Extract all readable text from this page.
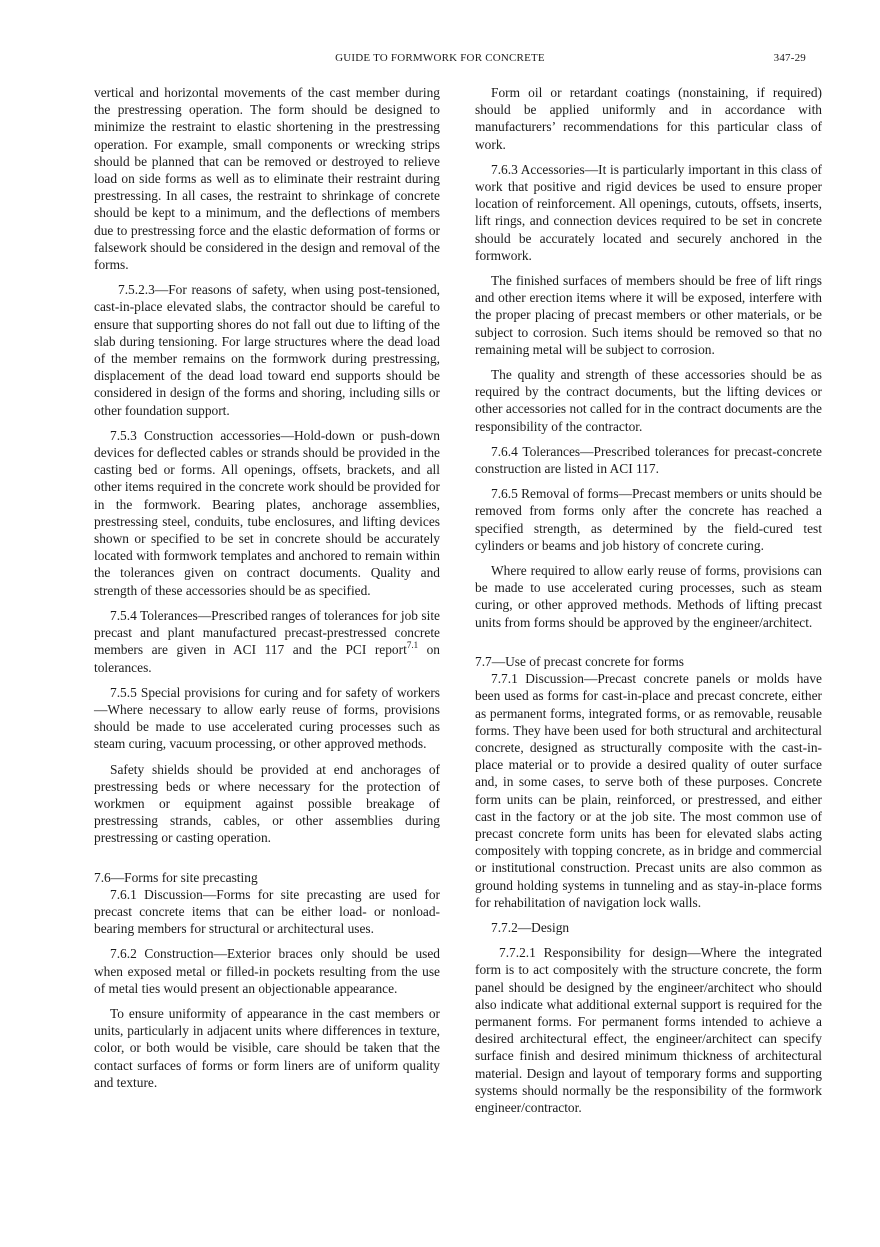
GUIDE TO FORMWORK FOR CONCRETE	347-29

vertical and horizontal movements of the cast member during the prestressing operation. The form should be designed to minimize the restraint to elastic shortening in the prestressing operation. For example, small components or wrecking strips should be planned that can be removed or destroyed to relieve load on side forms as well as to eliminate their restraint during prestressing. In all cases, the restraint to shrinkage of concrete should be kept to a minimum, and the deflections of members due to prestressing force and the elastic deformation of forms or falsework should be considered in the design and removal of the forms.

7.5.2.3—For reasons of safety, when using post-tensioned, cast-in-place elevated slabs, the contractor should be careful to ensure that supporting shores do not fall out due to lifting of the slab during tensioning. For large structures where the dead load of the member remains on the formwork during prestressing, displacement of the dead load toward end supports should be considered in design of the forms and shoring, including sills or other foundation support.

7.5.3 Construction accessories—Hold-down or push-down devices for deflected cables or strands should be provided in the casting bed or forms. All openings, offsets, brackets, and all other items required in the concrete work should be provided for in the formwork. Bearing plates, anchorage assemblies, prestressing steel, conduits, tube enclosures, and lifting devices shown or specified to be set in concrete should be accurately located with formwork templates and anchored to remain within the tolerances given on contract documents. Quality and strength of these accessories should be as specified.

7.5.4 Tolerances—Prescribed ranges of tolerances for job site precast and plant manufactured precast-prestressed concrete members are given in ACI 117 and the PCI report$^{7.1}$ on tolerances.

7.5.5 Special provisions for curing and for safety of workers—Where necessary to allow early reuse of forms, provisions should be made to use accelerated curing processes such as steam curing, vacuum processing, or other approved methods.

Safety shields should be provided at end anchorages of prestressing beds or where necessary for the protection of workmen or equipment against possible breakage of prestressing strands, cables, or other assemblies during prestressing or casting operation.

7.6—Forms for site precasting

7.6.1 Discussion—Forms for site precasting are used for precast concrete items that can be either load- or nonload-bearing members for structural or architectural uses.

7.6.2 Construction—Exterior braces only should be used when exposed metal or filled-in pockets resulting from the use of metal ties would present an objectionable appearance.

To ensure uniformity of appearance in the cast members or units, particularly in adjacent units where differences in texture, color, or both would be visible, care should be taken that the contact surfaces of forms or form liners are of uniform quality and texture.

Form oil or retardant coatings (nonstaining, if required) should be applied uniformly and in accordance with manufacturers’ recommendations for this particular class of work.

7.6.3 Accessories—It is particularly important in this class of work that positive and rigid devices be used to ensure proper location of reinforcement. All openings, cutouts, offsets, inserts, lift rings, and connection devices required to be set in concrete should be accurately located and securely anchored in the formwork.

The finished surfaces of members should be free of lift rings and other erection items where it will be exposed, interfere with the proper placing of precast members or other materials, or be subject to corrosion. Such items should be removed so that no remaining metal will be subject to corrosion.

The quality and strength of these accessories should be as required by the contract documents, but the lifting devices or other accessories not called for in the contract documents are the responsibility of the contractor.

7.6.4 Tolerances—Prescribed tolerances for precast-concrete construction are listed in ACI 117.

7.6.5 Removal of forms—Precast members or units should be removed from forms only after the concrete has reached a specified strength, as determined by the field-cured test cylinders or beams and job history of concrete curing.

Where required to allow early reuse of forms, provisions can be made to use accelerated curing processes, such as steam curing, or other approved methods. Methods of lifting precast units from forms should be approved by the engineer/architect.

7.7—Use of precast concrete for forms

7.7.1 Discussion—Precast concrete panels or molds have been used as forms for cast-in-place and precast concrete, either as permanent forms, integrated forms, or as removable, reusable forms. They have been used for both structural and architectural concrete, designed as structurally composite with the cast-in-place material or to provide a desired quality of outer surface and, in some cases, to serve both of these purposes. Concrete form units can be plain, reinforced, or prestressed, and either cast in the factory or at the job site. The most common use of precast concrete form units has been for elevated slabs acting compositely with topping concrete, as in bridge and commercial or institutional construction. Precast units are also common as ground holding systems in tunneling and as stay-in-place forms for rehabilitation of navigation lock walls.

7.7.2—Design

7.7.2.1 Responsibility for design—Where the integrated form is to act compositely with the structure concrete, the form panel should be designed by the engineer/architect who should also indicate what additional external support is required for the permanent forms. For permanent forms intended to achieve a desired architectural effect, the engineer/architect can specify surface finish and desired minimum thickness of architectural material. Design and layout of temporary forms and supporting systems should normally be the responsibility of the formwork engineer/contractor.
